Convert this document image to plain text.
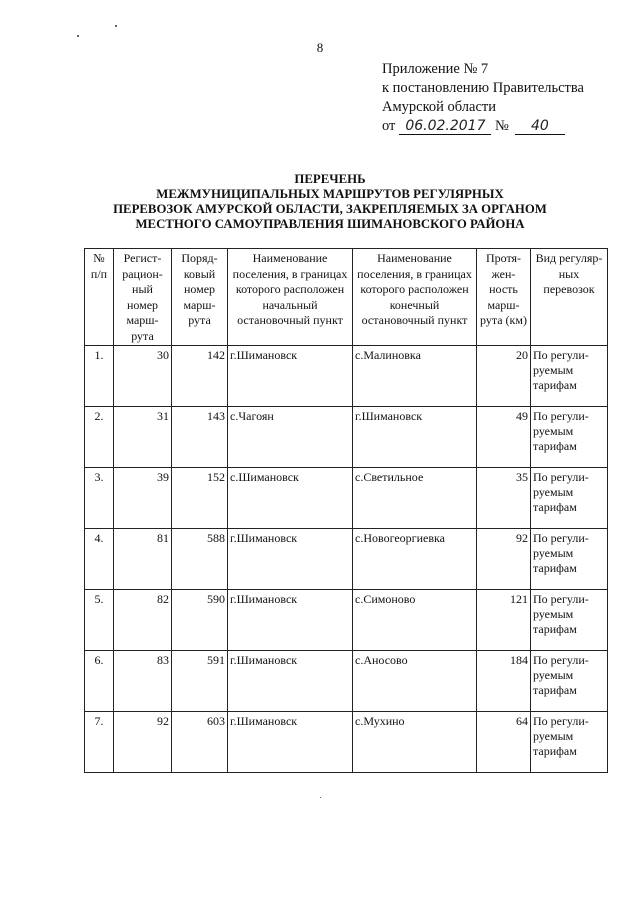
8
Приложение № 7
к постановлению Правительства
Амурской области
от 06.02.2017 № 40
ПЕРЕЧЕНЬ
МЕЖМУНИЦИПАЛЬНЫХ МАРШРУТОВ РЕГУЛЯРНЫХ
ПЕРЕВОЗОК АМУРСКОЙ ОБЛАСТИ, ЗАКРЕПЛЯЕМЫХ ЗА ОРГАНОМ
МЕСТНОГО САМОУПРАВЛЕНИЯ ШИМАНОВСКОГО РАЙОНА
№ п/п	Регист- рацион- ный номер марш- рута	Поряд- ковый номер марш- рута	Наименование поселения, в границах которого расположен начальный остановочный пункт	Наименование поселения, в границах которого расположен конечный остановочный пункт	Протя- жен- ность марш- рута (км)	Вид регуляр- ных перевозок
1.	30	142	г.Шимановск	с.Малиновка	20	По регули- руемым тарифам
2.	31	143	с.Чагоян	г.Шимановск	49	По регули- руемым тарифам
3.	39	152	с.Шимановск	с.Светильное	35	По регули- руемым тарифам
4.	81	588	г.Шимановск	с.Новогеоргиевка	92	По регули- руемым тарифам
5.	82	590	г.Шимановск	с.Симоново	121	По регули- руемым тарифам
6.	83	591	г.Шимановск	с.Аносово	184	По регули- руемым тарифам
7.	92	603	г.Шимановск	с.Мухино	64	По регули- руемым тарифам
